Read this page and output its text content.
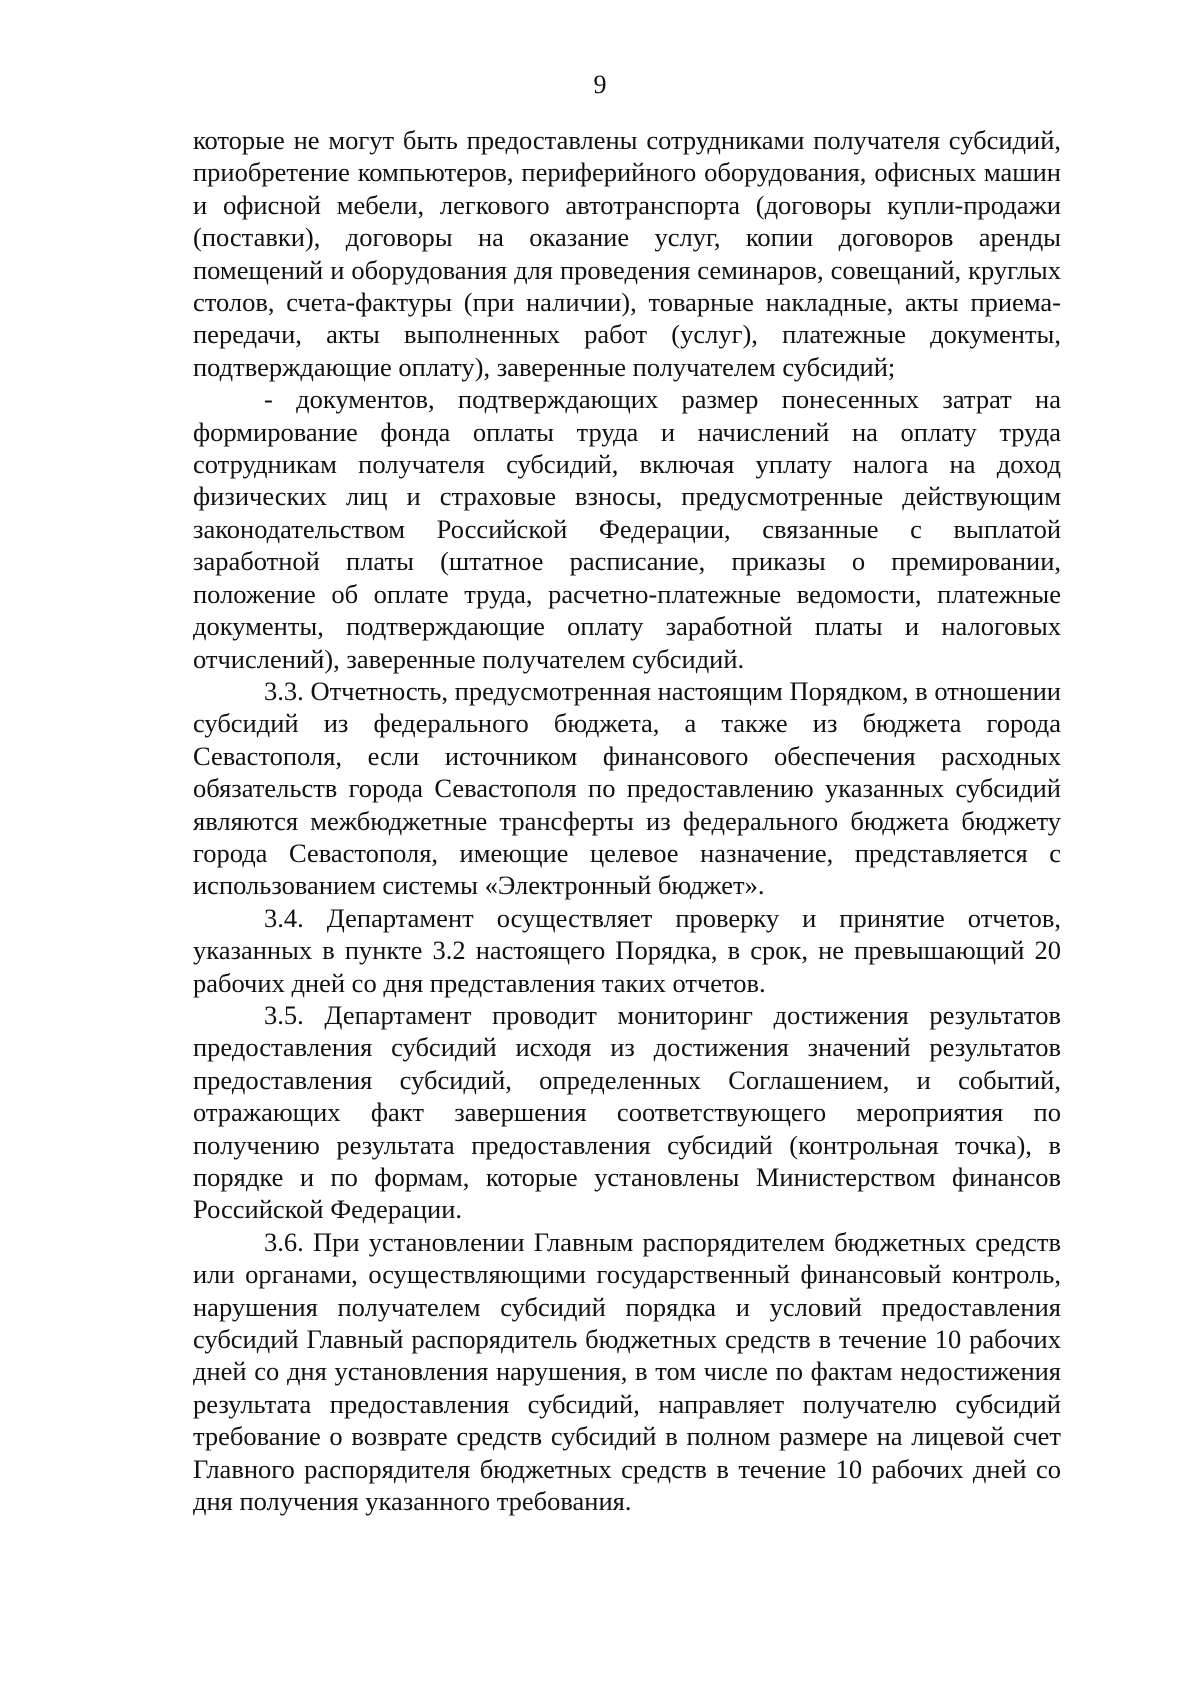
9

которые не могут быть предоставлены сотрудниками получателя субсидий, приобретение компьютеров, периферийного оборудования, офисных машин и офисной мебели, легкового автотранспорта (договоры купли-продажи (поставки), договоры на оказание услуг, копии договоров аренды помещений и оборудования для проведения семинаров, совещаний, круглых столов, счета-фактуры (при наличии), товарные накладные, акты приема-передачи, акты выполненных работ (услуг), платежные документы, подтверждающие оплату), заверенные получателем субсидий;

- документов, подтверждающих размер понесенных затрат на формирование фонда оплаты труда и начислений на оплату труда сотрудникам получателя субсидий, включая уплату налога на доход физических лиц и страховые взносы, предусмотренные действующим законодательством Российской Федерации, связанные с выплатой заработной платы (штатное расписание, приказы о премировании, положение об оплате труда, расчетно-платежные ведомости, платежные документы, подтверждающие оплату заработной платы и налоговых отчислений), заверенные получателем субсидий.

3.3. Отчетность, предусмотренная настоящим Порядком, в отношении субсидий из федерального бюджета, а также из бюджета города Севастополя, если источником финансового обеспечения расходных обязательств города Севастополя по предоставлению указанных субсидий являются межбюджетные трансферты из федерального бюджета бюджету города Севастополя, имеющие целевое назначение, представляется с использованием системы «Электронный бюджет».

3.4. Департамент осуществляет проверку и принятие отчетов, указанных в пункте 3.2 настоящего Порядка, в срок, не превышающий 20 рабочих дней со дня представления таких отчетов.

3.5. Департамент проводит мониторинг достижения результатов предоставления субсидий исходя из достижения значений результатов предоставления субсидий, определенных Соглашением, и событий, отражающих факт завершения соответствующего мероприятия по получению результата предоставления субсидий (контрольная точка), в порядке и по формам, которые установлены Министерством финансов Российской Федерации.

3.6. При установлении Главным распорядителем бюджетных средств или органами, осуществляющими государственный финансовый контроль, нарушения получателем субсидий порядка и условий предоставления субсидий Главный распорядитель бюджетных средств в течение 10 рабочих дней со дня установления нарушения, в том числе по фактам недостижения результата предоставления субсидий, направляет получателю субсидий требование о возврате средств субсидий в полном размере на лицевой счет Главного распорядителя бюджетных средств в течение 10 рабочих дней со дня получения указанного требования.
